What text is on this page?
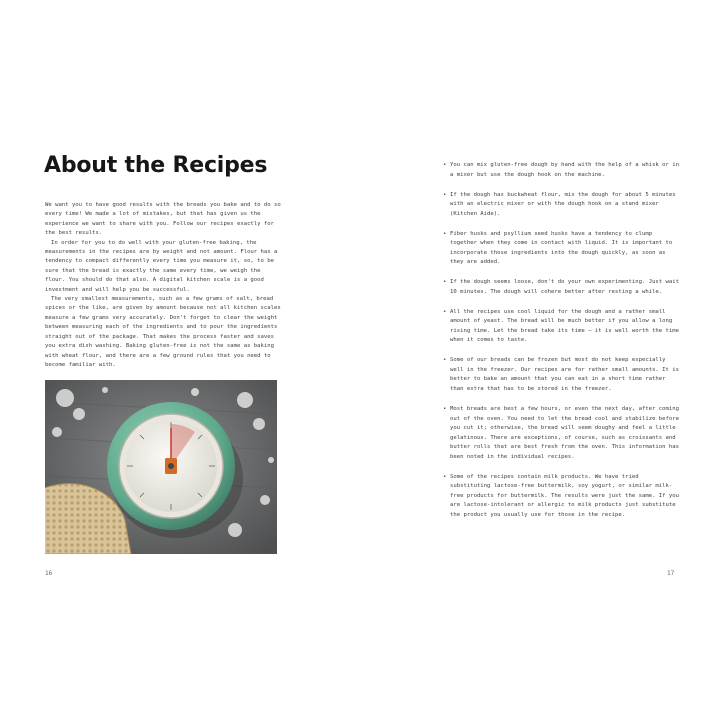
About the Recipes

We want you to have good results with the breads you bake and to do so every time! We made a lot of mistakes, but that has given us the experience we want to share with you. Follow our recipes exactly for the best results.

In order for you to do well with your gluten-free baking, the measurements in the recipes are by weight and not amount. Flour has a tendency to compact differently every time you measure it, so, to be sure that the bread is exactly the same every time, we weigh the flour. You should do that also. A digital kitchen scale is a good investment and will help you be successful.

The very smallest measurements, such as a few grams of salt, bread spices or the like, are given by amount because not all kitchen scales measure a few grams very accurately. Don't forget to clear the weight between measuring each of the ingredients and to pour the ingredients straight out of the package. That makes the process faster and saves you extra dish washing. Baking gluten-free is not the same as baking with wheat flour, and there are a few ground rules that you need to become familiar with.

• You can mix gluten-free dough by hand with the help of a whisk or in a mixer but use the dough hook on the machine.
• If the dough has buckwheat flour, mix the dough for about 5 minutes with an electric mixer or with the dough hook on a stand mixer (Kitchen Aide).
• Fiber husks and psyllium seed husks have a tendency to clump together when they come in contact with liquid. It is important to incorporate those ingredients into the dough quickly, as soon as they are added.
• If the dough seems loose, don't do your own experimenting. Just wait 10 minutes. The dough will cohere better after resting a while.
• All the recipes use cool liquid for the dough and a rather small amount of yeast. The bread will be much better if you allow a long rising time. Let the bread take its time — it is well worth the time when it comes to taste.
• Some of our breads can be frozen but most do not keep especially well in the freezer. Our recipes are for rather small amounts. It is better to bake an amount that you can eat in a short time rather than extra that has to be stored in the freezer.
• Most breads are best a few hours, or even the next day, after coming out of the oven. You need to let the bread cool and stabilize before you cut it; otherwise, the bread will seem doughy and feel a little gelatinous. There are exceptions, of course, such as croissants and butter rolls that are best fresh from the oven. This information has been noted in the individual recipes.
• Some of the recipes contain milk products. We have tried substituting lactose-free buttermilk, soy yogurt, or similar milk-free products for buttermilk. The results were just the same. If you are lactose-intolerant or allergic to milk products just substitute the product you usually use for those in the recipe.
16	17
